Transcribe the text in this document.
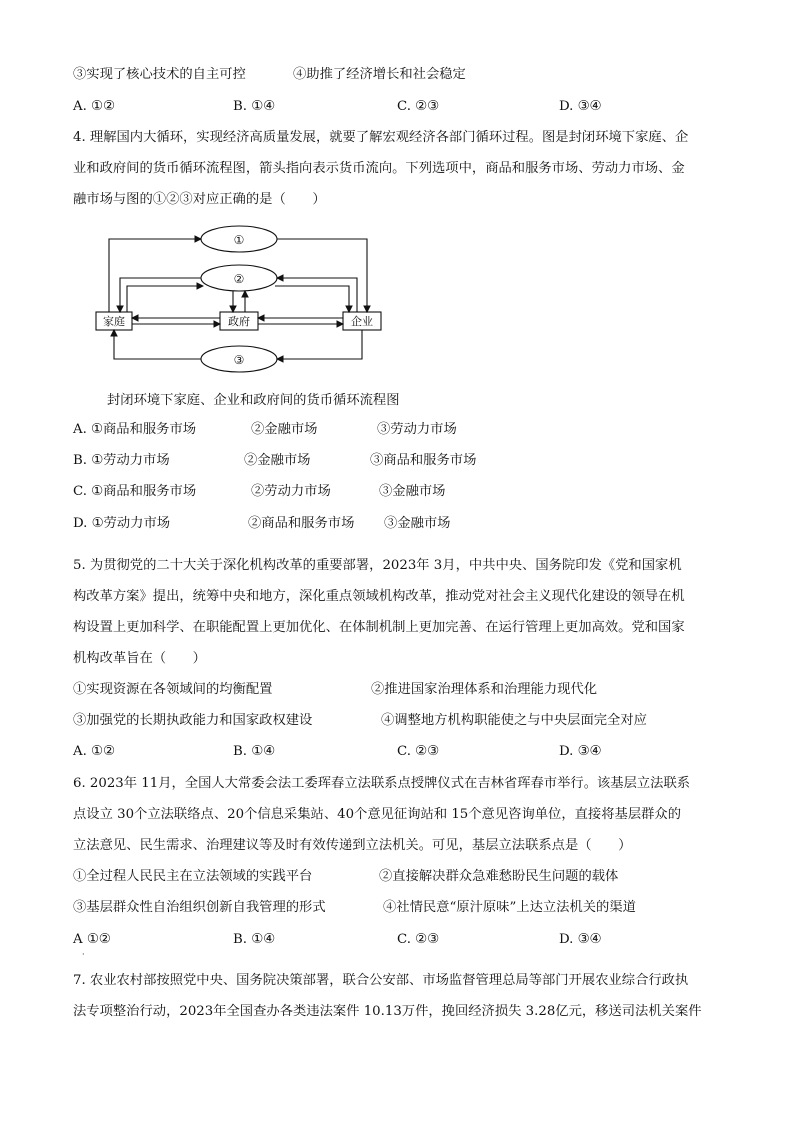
③实现了核心技术的自主可控	④助推了经济增长和社会稳定
A. ①②	B. ①④	C. ②③	D. ③④
4. 理解国内大循环，实现经济高质量发展，就要了解宏观经济各部门循环过程。图是封闭环境下家庭、企
业和政府间的货币循环流程图，箭头指向表示货币流向。下列选项中，商品和服务市场、劳动力市场、金
融市场与图的①②③对应正确的是（　　）
①
②
③
家庭	政府	企业
封闭环境下家庭、企业和政府间的货币循环流程图
A. ①商品和服务市场	②金融市场	③劳动力市场
B. ①劳动力市场	②金融市场	③商品和服务市场
C. ①商品和服务市场	②劳动力市场	③金融市场
D. ①劳动力市场	②商品和服务市场 ③金融市场
5. 为贯彻党的二十大关于深化机构改革的重要部署，2023年 3月，中共中央、国务院印发《党和国家机
构改革方案》提出，统筹中央和地方，深化重点领域机构改革，推动党对社会主义现代化建设的领导在机
构设置上更加科学、在职能配置上更加优化、在体制机制上更加完善、在运行管理上更加高效。党和国家
机构改革旨在（　　）
①实现资源在各领域间的均衡配置	②推进国家治理体系和治理能力现代化
③加强党的长期执政能力和国家政权建设	④调整地方机构职能使之与中央层面完全对应
A. ①②	B. ①④	C. ②③	D. ③④
6. 2023年 11月，全国人大常委会法工委珲春立法联系点授牌仪式在吉林省珲春市举行。该基层立法联系
点设立 30个立法联络点、20个信息采集站、40个意见征询站和 15个意见咨询单位，直接将基层群众的
立法意见、民生需求、治理建议等及时有效传递到立法机关。可见，基层立法联系点是（　　）
①全过程人民民主在立法领域的实践平台	②直接解决群众急难愁盼民生问题的载体
③基层群众性自治组织创新自我管理的形式	④社情民意“原汁原味”上达立法机关的渠道
A ①②	B. ①④	C. ②③	D. ③④
·
7. 农业农村部按照党中央、国务院决策部署，联合公安部、市场监督管理总局等部门开展农业综合行政执
法专项整治行动，2023年全国查办各类违法案件 10.13万件，挽回经济损失 3.28亿元，移送司法机关案件
